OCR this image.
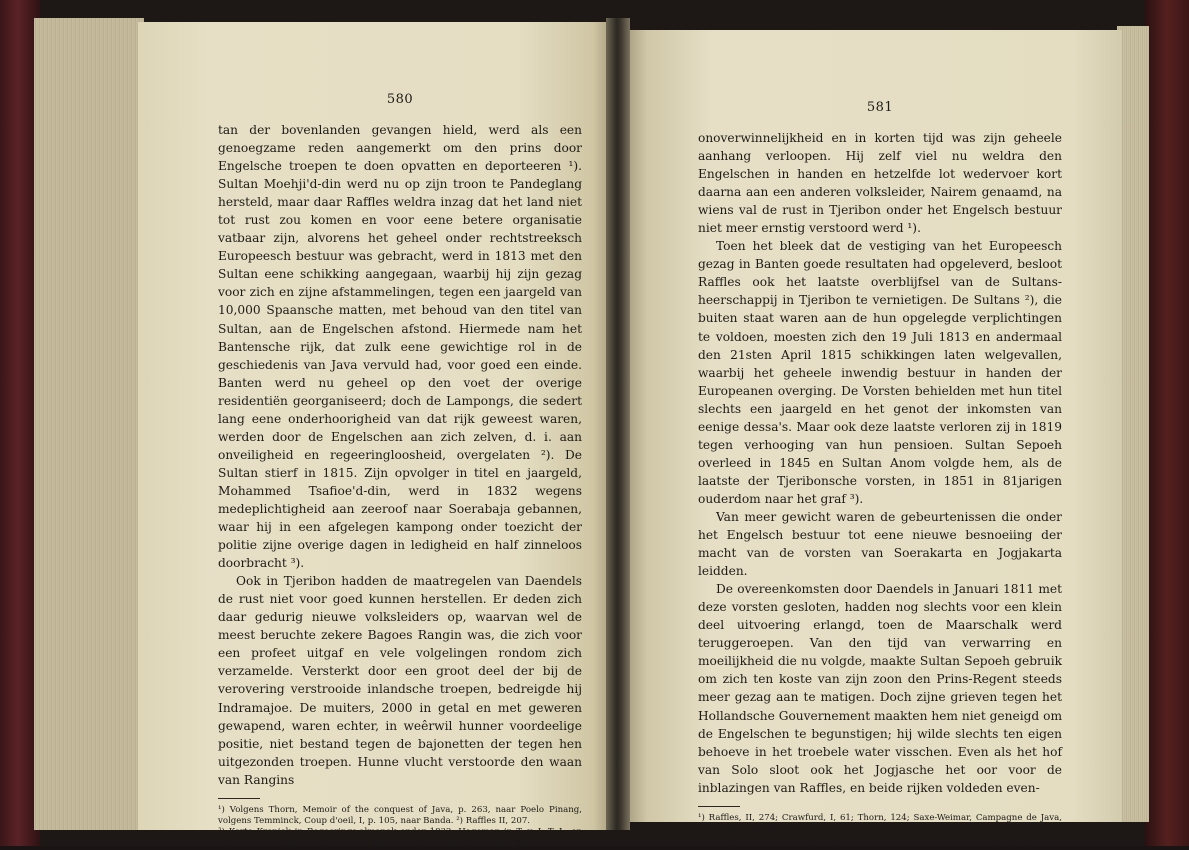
580

tan der bovenlanden gevangen hield, werd als een genoegzame reden aangemerkt om den prins door Engelsche troepen te doen opvatten en deporteeren ¹). Sultan Moehji'd-din werd nu op zijn troon te Pandeglang hersteld, maar daar Raffles weldra inzag dat het land niet tot rust zou komen en voor eene betere organisatie vatbaar zijn, alvorens het geheel onder rechtstreeksch Europeesch bestuur was gebracht, werd in 1813 met den Sultan eene schikking aangegaan, waarbij hij zijn gezag voor zich en zijne afstammelingen, tegen een jaargeld van 10,000 Spaansche matten, met behoud van den titel van Sultan, aan de Engelschen afstond. Hiermede nam het Bantensche rijk, dat zulk eene gewichtige rol in de geschiedenis van Java vervuld had, voor goed een einde. Banten werd nu geheel op den voet der overige residentiën georganiseerd; doch de Lampongs, die sedert lang eene onderhoorigheid van dat rijk geweest waren, werden door de Engelschen aan zich zelven, d. i. aan onveiligheid en regeeringloosheid, overgelaten ²). De Sultan stierf in 1815. Zijn opvolger in titel en jaargeld, Mohammed Tsafioe'd-din, werd in 1832 wegens medeplichtigheid aan zeeroof naar Soerabaja gebannen, waar hij in een afgelegen kampong onder toezicht der politie zijne overige dagen in ledigheid en half zinneloos doorbracht ³).

Ook in Tjeribon hadden de maatregelen van Daendels de rust niet voor goed kunnen herstellen. Er deden zich daar gedurig nieuwe volksleiders op, waarvan wel de meest beruchte zekere Bagoes Rangin was, die zich voor een profeet uitgaf en vele volgelingen rondom zich verzamelde. Versterkt door een groot deel der bij de verovering verstrooide inlandsche troepen, bedreigde hij Indramajoe. De muiters, 2000 in getal en met geweren gewapend, waren echter, in weêrwil hunner voordeelige positie, niet bestand tegen de bajonetten der tegen hen uitgezonden troepen. Hunne vlucht verstoorde den waan van Rangins

¹) Volgens Thorn, Memoir of the conquest of Java, p. 263, naar Poelo Pinang, volgens Temminck, Coup d'oeil, I, p. 105, naar Banda. ²) Raffles II, 207.

³) Korte Kroniek in Regeerings-almanak onder 1832; Hageman in T. v. I. T. L. en Vk. VI, 433, IX, 81, 83, en T. v. N. I. 1859, I, 29, 119; Kussendrager, Java, 3.

581

onoverwinnelijkheid en in korten tijd was zijn geheele aanhang verloopen. Hij zelf viel nu weldra den Engelschen in handen en hetzelfde lot wedervoer kort daarna aan een anderen volksleider, Nairem genaamd, na wiens val de rust in Tjeribon onder het Engelsch bestuur niet meer ernstig verstoord werd ¹).

Toen het bleek dat de vestiging van het Europeesch gezag in Banten goede resultaten had opgeleverd, besloot Raffles ook het laatste overblijfsel van de Sultans-heerschappij in Tjeribon te vernietigen. De Sultans ²), die buiten staat waren aan de hun opgelegde verplichtingen te voldoen, moesten zich den 19 Juli 1813 en andermaal den 21sten April 1815 schikkingen laten welgevallen, waarbij het geheele inwendig bestuur in handen der Europeanen overging. De Vorsten behielden met hun titel slechts een jaargeld en het genot der inkomsten van eenige dessa's. Maar ook deze laatste verloren zij in 1819 tegen verhooging van hun pensioen. Sultan Sepoeh overleed in 1845 en Sultan Anom volgde hem, als de laatste der Tjeribonsche vorsten, in 1851 in 81jarigen ouderdom naar het graf ³).

Van meer gewicht waren de gebeurtenissen die onder het Engelsch bestuur tot eene nieuwe besnoeiing der macht van de vorsten van Soerakarta en Jogjakarta leidden.

De overeenkomsten door Daendels in Januari 1811 met deze vorsten gesloten, hadden nog slechts voor een klein deel uitvoering erlangd, toen de Maarschalk werd teruggeroepen. Van den tijd van verwarring en moeilijkheid die nu volgde, maakte Sultan Sepoeh gebruik om zich ten koste van zijn zoon den Prins-Regent steeds meer gezag aan te matigen. Doch zijne grieven tegen het Hollandsche Gouvernement maakten hem niet geneigd om de Engelschen te begunstigen; hij wilde slechts ten eigen behoeve in het troebele water visschen. Even als het hof van Solo sloot ook het Jogjasche het oor voor de inblazingen van Raffles, en beide rijken voldeden even-

¹) Raffles, II, 274; Crawfurd, I, 61; Thorn, 124; Saxe-Weimar, Campagne de Java, 141, 149. ²) Zie blz. 557.

³) T. v. N. I. 1849 I, 435; Hageman in T. v. I. T. L. en Vk. V, 230, VI, 435, IX, 92.
